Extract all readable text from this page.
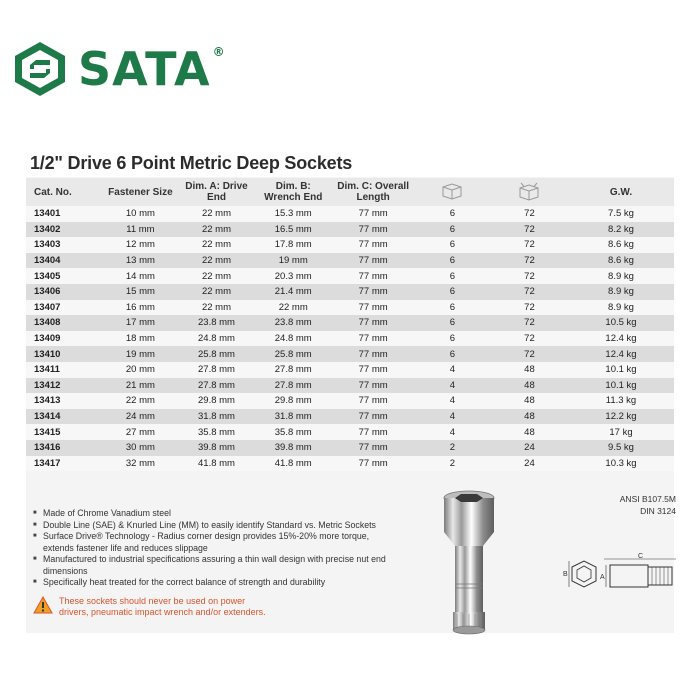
SATA ®
1/2" Drive 6 Point Metric Deep Sockets
Cat. No.	Fastener Size	Dim. A: Drive End	Dim. B: Wrench End	Dim. C: Overall Length			G.W.
13401	10 mm	22 mm	15.3 mm	77 mm	6	72	7.5 kg
13402	11 mm	22 mm	16.5 mm	77 mm	6	72	8.2 kg
13403	12 mm	22 mm	17.8 mm	77 mm	6	72	8.6 kg
13404	13 mm	22 mm	19 mm	77 mm	6	72	8.6 kg
13405	14 mm	22 mm	20.3 mm	77 mm	6	72	8.9 kg
13406	15 mm	22 mm	21.4 mm	77 mm	6	72	8.9 kg
13407	16 mm	22 mm	22 mm	77 mm	6	72	8.9 kg
13408	17 mm	23.8 mm	23.8 mm	77 mm	6	72	10.5 kg
13409	18 mm	24.8 mm	24.8 mm	77 mm	6	72	12.4 kg
13410	19 mm	25.8 mm	25.8 mm	77 mm	6	72	12.4 kg
13411	20 mm	27.8 mm	27.8 mm	77 mm	4	48	10.1 kg
13412	21 mm	27.8 mm	27.8 mm	77 mm	4	48	10.1 kg
13413	22 mm	29.8 mm	29.8 mm	77 mm	4	48	11.3 kg
13414	24 mm	31.8 mm	31.8 mm	77 mm	4	48	12.2 kg
13415	27 mm	35.8 mm	35.8 mm	77 mm	4	48	17 kg
13416	30 mm	39.8 mm	39.8 mm	77 mm	2	24	9.5 kg
13417	32 mm	41.8 mm	41.8 mm	77 mm	2	24	10.3 kg
ANSI B107.5M
DIN 3124
■ Made of Chrome Vanadium steel
■ Double Line (SAE) & Knurled Line (MM) to easily identify Standard vs. Metric Sockets
■ Surface Drive® Technology - Radius corner design provides 15%-20% more torque, extends fastener life and reduces slippage
■ Manufactured to industrial specifications assuring a thin wall design with precise nut end dimensions
■ Specifically heat treated for the correct balance of strength and durability
These sockets should never be used on power drivers, pneumatic impact wrench and/or extenders.
B
C
A
